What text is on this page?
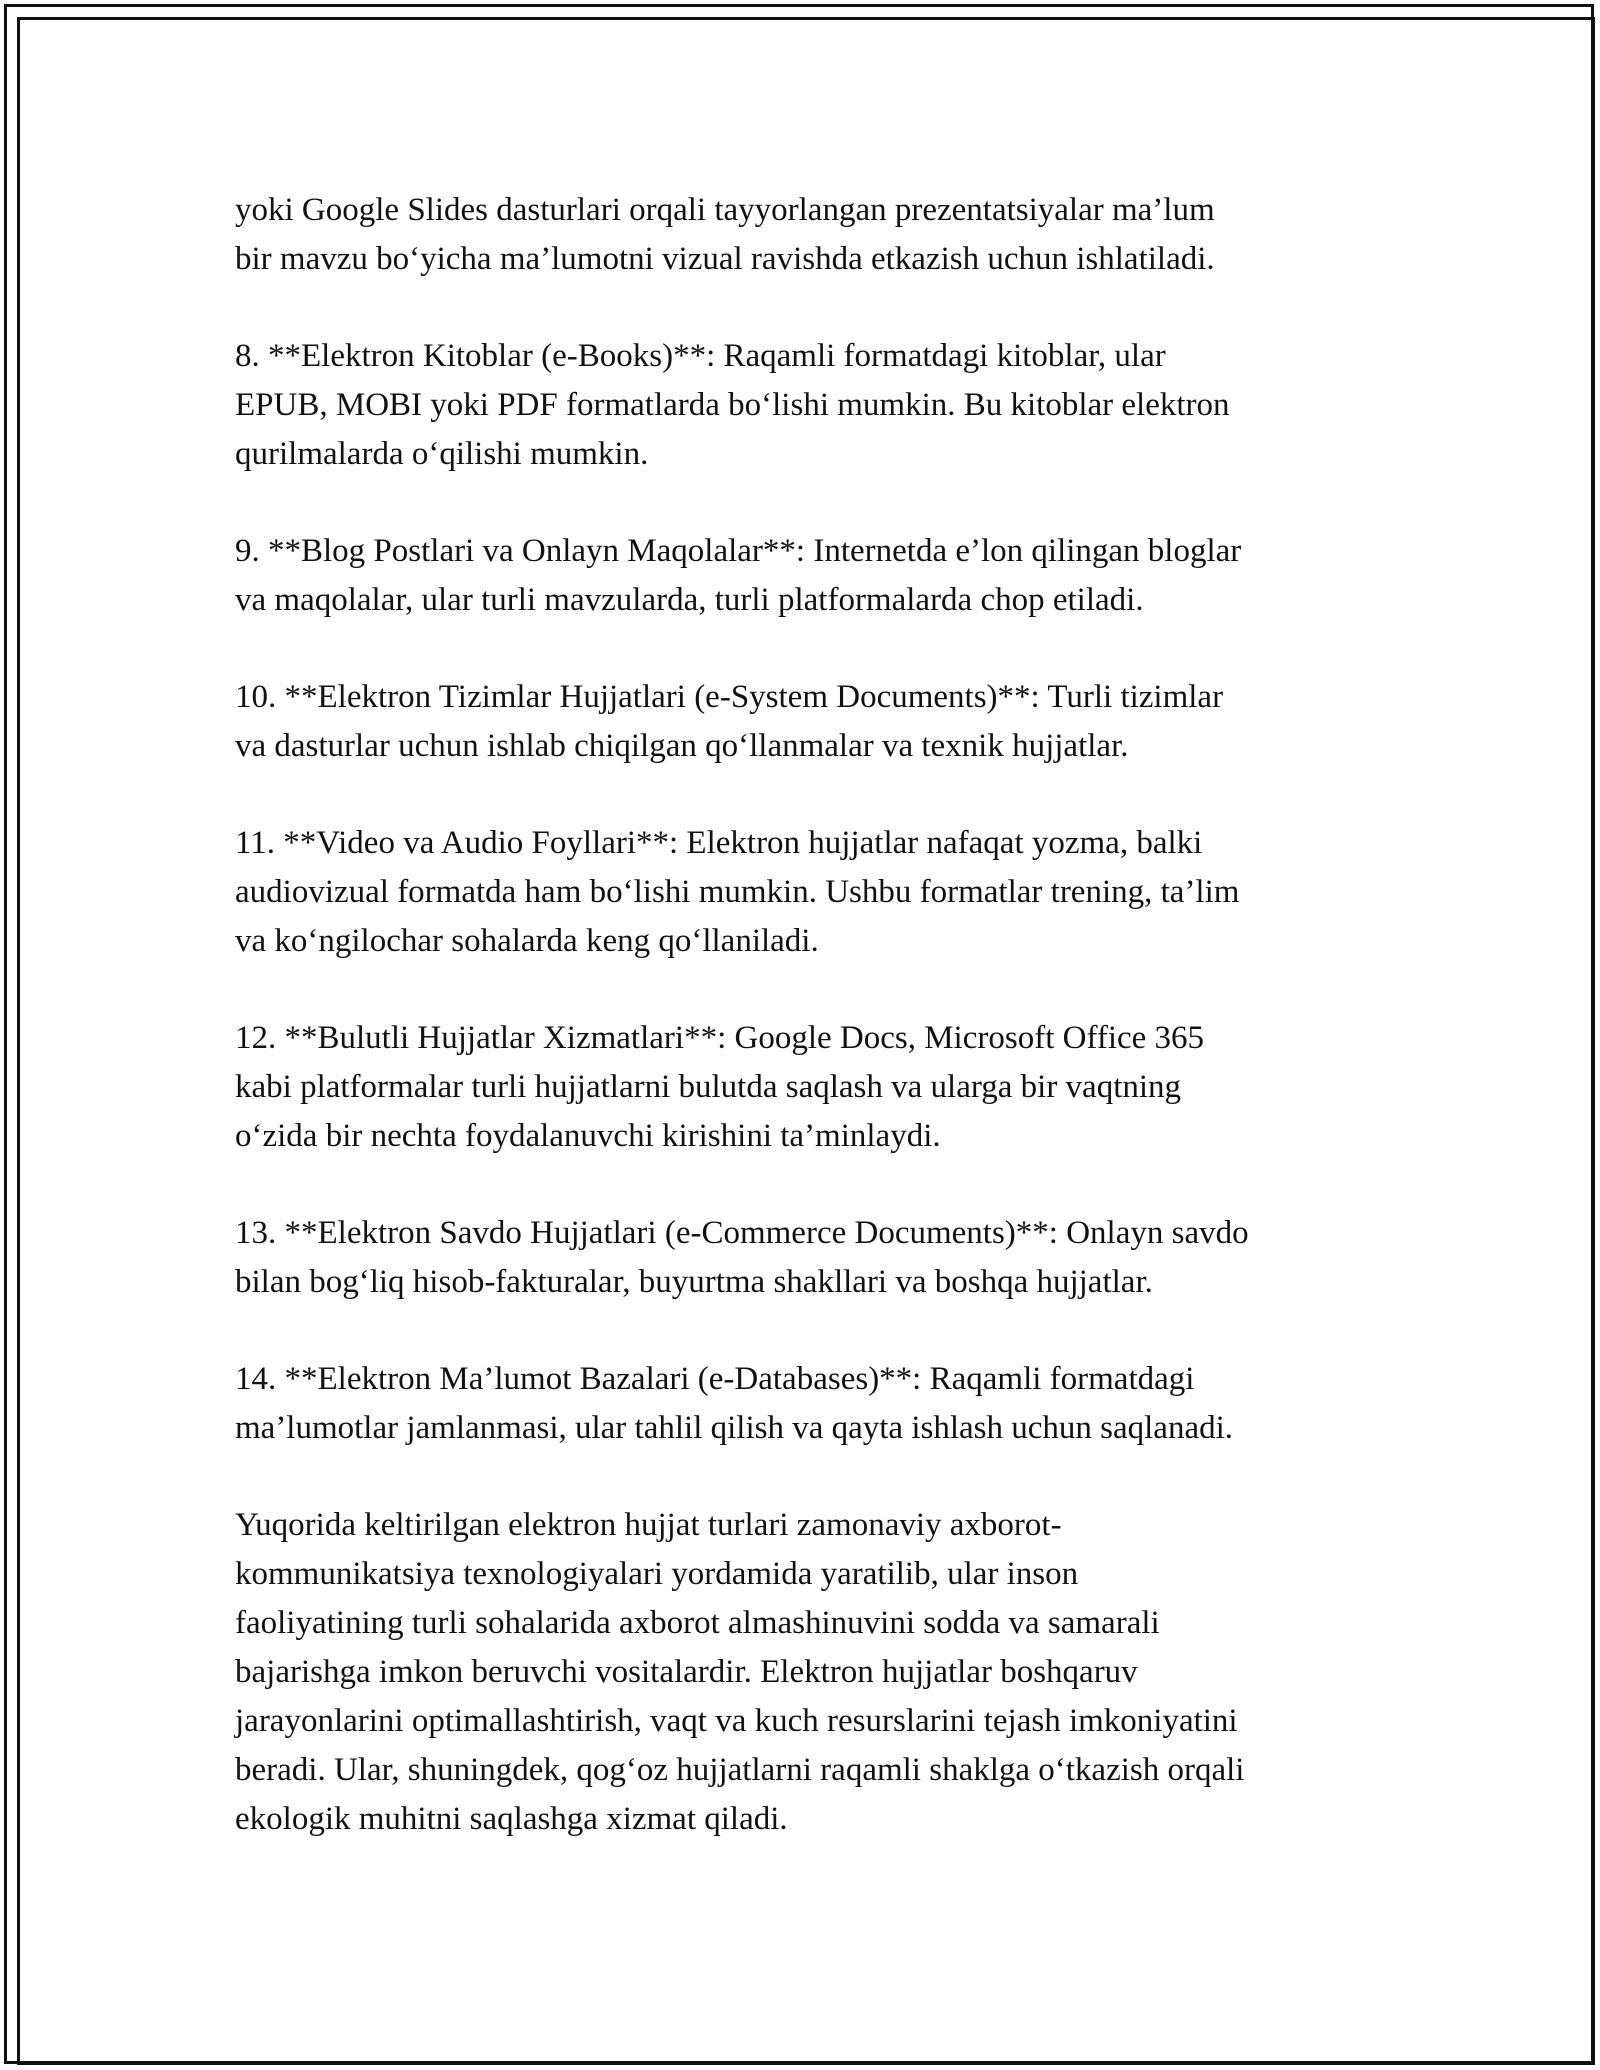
yoki Google Slides dasturlari orqali tayyorlangan prezentatsiyalar ma’lum
bir mavzu bo‘yicha ma’lumotni vizual ravishda etkazish uchun ishlatiladi.

8. **Elektron Kitoblar (e-Books)**: Raqamli formatdagi kitoblar, ular
EPUB, MOBI yoki PDF formatlarda bo‘lishi mumkin. Bu kitoblar elektron
qurilmalarda o‘qilishi mumkin.

9. **Blog Postlari va Onlayn Maqolalar**: Internetda e’lon qilingan bloglar
va maqolalar, ular turli mavzularda, turli platformalarda chop etiladi.

10. **Elektron Tizimlar Hujjatlari (e-System Documents)**: Turli tizimlar
va dasturlar uchun ishlab chiqilgan qo‘llanmalar va texnik hujjatlar.

11. **Video va Audio Foyllari**: Elektron hujjatlar nafaqat yozma, balki
audiovizual formatda ham bo‘lishi mumkin. Ushbu formatlar trening, ta’lim
va ko‘ngilochar sohalarda keng qo‘llaniladi.

12. **Bulutli Hujjatlar Xizmatlari**: Google Docs, Microsoft Office 365
kabi platformalar turli hujjatlarni bulutda saqlash va ularga bir vaqtning
o‘zida bir nechta foydalanuvchi kirishini ta’minlaydi.

13. **Elektron Savdo Hujjatlari (e-Commerce Documents)**: Onlayn savdo
bilan bog‘liq hisob-fakturalar, buyurtma shakllari va boshqa hujjatlar.

14. **Elektron Ma’lumot Bazalari (e-Databases)**: Raqamli formatdagi
ma’lumotlar jamlanmasi, ular tahlil qilish va qayta ishlash uchun saqlanadi.

Yuqorida keltirilgan elektron hujjat turlari zamonaviy axborot-
kommunikatsiya texnologiyalari yordamida yaratilib, ular inson
faoliyatining turli sohalarida axborot almashinuvini sodda va samarali
bajarishga imkon beruvchi vositalardir. Elektron hujjatlar boshqaruv
jarayonlarini optimallashtirish, vaqt va kuch resurslarini tejash imkoniyatini
beradi. Ular, shuningdek, qog‘oz hujjatlarni raqamli shaklga o‘tkazish orqali
ekologik muhitni saqlashga xizmat qiladi.
